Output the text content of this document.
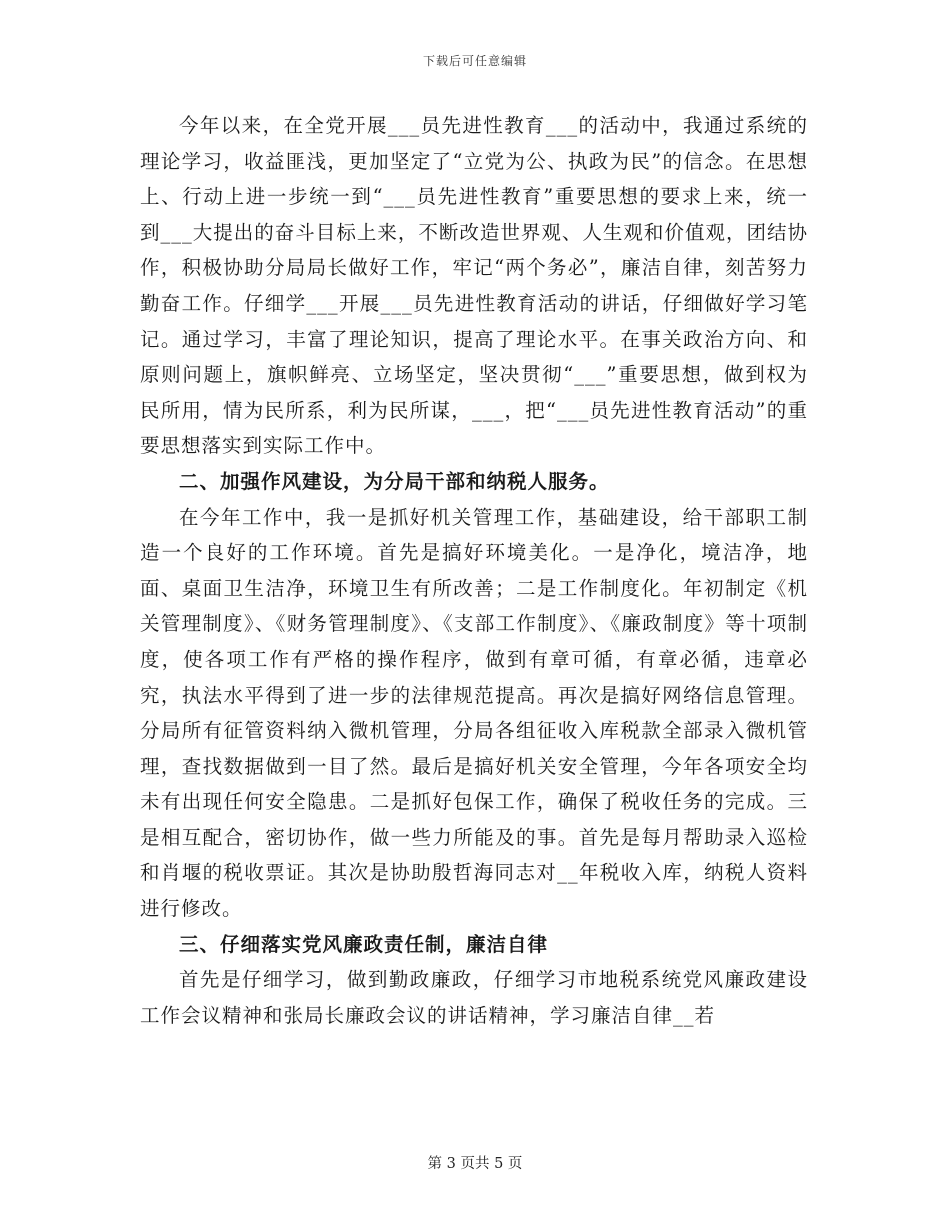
下载后可任意编辑

今年以来，在全党开展___员先进性教育___的活动中，我通过系统的理论学习，收益匪浅，更加坚定了“立党为公、执政为民”的信念。在思想上、行动上进一步统一到“___员先进性教育”重要思想的要求上来，统一到___大提出的奋斗目标上来，不断改造世界观、人生观和价值观，团结协作，积极协助分局局长做好工作，牢记“两个务必”，廉洁自律，刻苦努力勤奋工作。仔细学___开展___员先进性教育活动的讲话，仔细做好学习笔记。通过学习，丰富了理论知识，提高了理论水平。在事关政治方向、和原则问题上，旗帜鲜亮、立场坚定，坚决贯彻“___”重要思想，做到权为民所用，情为民所系，利为民所谋，___，把“___员先进性教育活动”的重要思想落实到实际工作中。

二、加强作风建设，为分局干部和纳税人服务。

在今年工作中，我一是抓好机关管理工作，基础建设，给干部职工制造一个良好的工作环境。首先是搞好环境美化。一是净化，境洁净，地面、桌面卫生洁净，环境卫生有所改善；二是工作制度化。年初制定《机关管理制度》、《财务管理制度》、《支部工作制度》、《廉政制度》等十项制度，使各项工作有严格的操作程序，做到有章可循，有章必循，违章必究，执法水平得到了进一步的法律规范提高。再次是搞好网络信息管理。分局所有征管资料纳入微机管理，分局各组征收入库税款全部录入微机管理，查找数据做到一目了然。最后是搞好机关安全管理，今年各项安全均未有出现任何安全隐患。二是抓好包保工作，确保了税收任务的完成。三是相互配合，密切协作，做一些力所能及的事。首先是每月帮助录入巡检和肖堰的税收票证。其次是协助殷哲海同志对__年税收入库，纳税人资料进行修改。

三、仔细落实党风廉政责任制，廉洁自律

首先是仔细学习，做到勤政廉政，仔细学习市地税系统党风廉政建设工作会议精神和张局长廉政会议的讲话精神，学习廉洁自律__若

第 3 页共 5 页
